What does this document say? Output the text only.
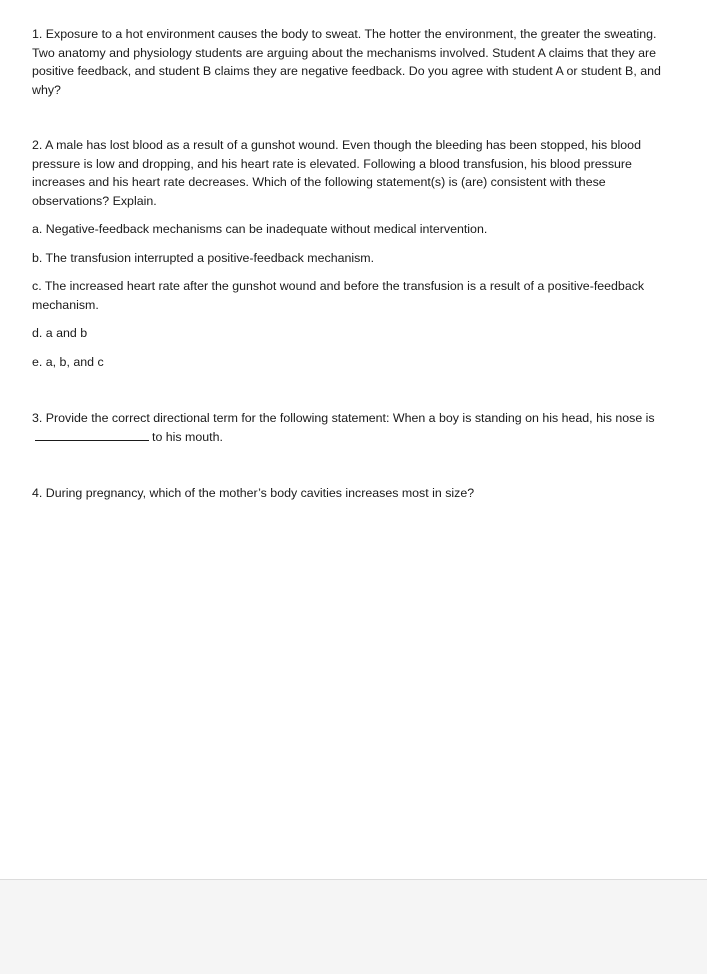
1. Exposure to a hot environment causes the body to sweat. The hotter the environment, the greater the sweating. Two anatomy and physiology students are arguing about the mechanisms involved. Student A claims that they are positive feedback, and student B claims they are negative feedback. Do you agree with student A or student B, and why?

2. A male has lost blood as a result of a gunshot wound. Even though the bleeding has been stopped, his blood pressure is low and dropping, and his heart rate is elevated. Following a blood transfusion, his blood pressure increases and his heart rate decreases. Which of the following statement(s) is (are) consistent with these observations? Explain.

a. Negative-feedback mechanisms can be inadequate without medical intervention.

b. The transfusion interrupted a positive-feedback mechanism.

c. The increased heart rate after the gunshot wound and before the transfusion is a result of a positive-feedback mechanism.

d. a and b

e. a, b, and c

3. Provide the correct directional term for the following statement: When a boy is standing on his head, his nose isto his mouth.

4. During pregnancy, which of the mother’s body cavities increases most in size?
